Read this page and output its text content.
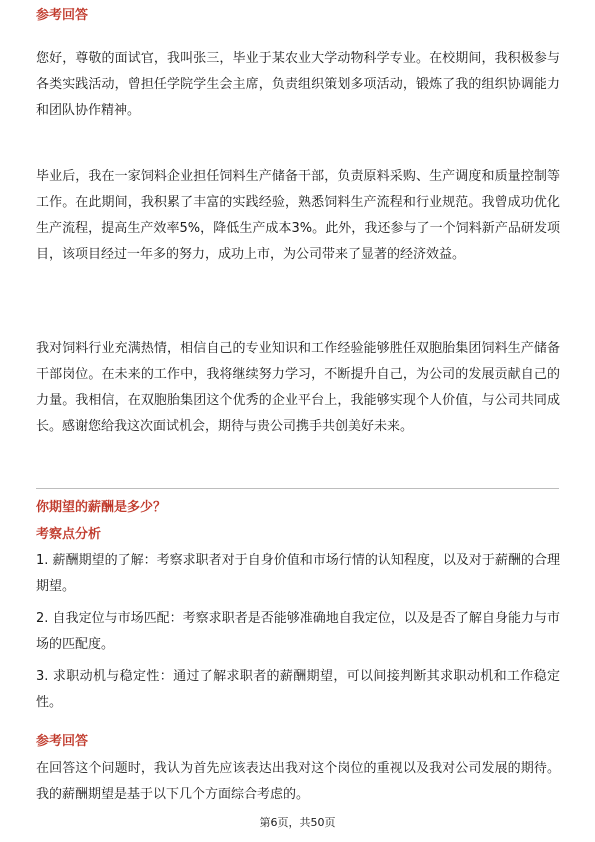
参考回答
您好，尊敬的面试官，我叫张三，毕业于某农业大学动物科学专业。在校期间，我积极参与各类实践活动，曾担任学院学生会主席，负责组织策划多项活动，锻炼了我的组织协调能力和团队协作精神。
毕业后，我在一家饲料企业担任饲料生产储备干部，负责原料采购、生产调度和质量控制等工作。在此期间，我积累了丰富的实践经验，熟悉饲料生产流程和行业规范。我曾成功优化生产流程，提高生产效率5%，降低生产成本3%。此外，我还参与了一个饲料新产品研发项目，该项目经过一年多的努力，成功上市，为公司带来了显著的经济效益。
我对饲料行业充满热情，相信自己的专业知识和工作经验能够胜任双胞胎集团饲料生产储备干部岗位。在未来的工作中，我将继续努力学习，不断提升自己，为公司的发展贡献自己的力量。我相信，在双胞胎集团这个优秀的企业平台上，我能够实现个人价值，与公司共同成长。感谢您给我这次面试机会，期待与贵公司携手共创美好未来。
你期望的薪酬是多少？
考察点分析
1. 薪酬期望的了解：考察求职者对于自身价值和市场行情的认知程度，以及对于薪酬的合理期望。
2. 自我定位与市场匹配：考察求职者是否能够准确地自我定位，以及是否了解自身能力与市场的匹配度。
3. 求职动机与稳定性：通过了解求职者的薪酬期望，可以间接判断其求职动机和工作稳定性。
参考回答
在回答这个问题时，我认为首先应该表达出我对这个岗位的重视以及我对公司发展的期待。我的薪酬期望是基于以下几个方面综合考虑的。
第6页，共50页
